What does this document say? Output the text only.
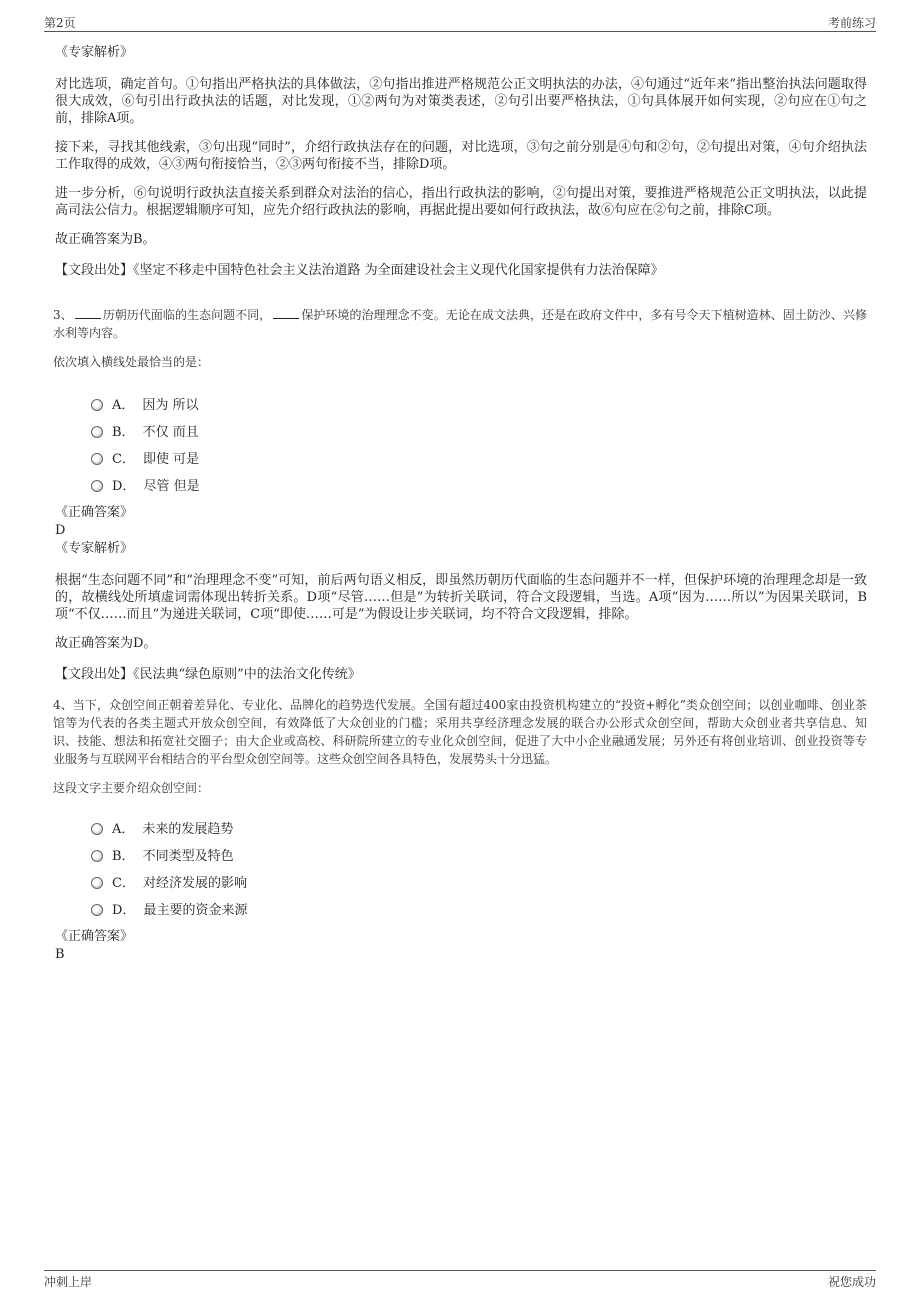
第2页	考前练习

《专家解析》

对比选项，确定首句。①句指出严格执法的具体做法，②句指出推进严格规范公正文明执法的办法，④句通过“近年来”指出整治执法问题取得很大成效，⑥句引出行政执法的话题，对比发现，①②两句为对策类表述，②句引出要严格执法，①句具体展开如何实现，②句应在①句之前，排除A项。

接下来，寻找其他线索，③句出现“同时”，介绍行政执法存在的问题，对比选项，③句之前分别是④句和②句，②句提出对策，④句介绍执法工作取得的成效，④③两句衔接恰当，②③两句衔接不当，排除D项。

进一步分析，⑥句说明行政执法直接关系到群众对法治的信心，指出行政执法的影响，②句提出对策，要推进严格规范公正文明执法，以此提高司法公信力。根据逻辑顺序可知，应先介绍行政执法的影响，再据此提出要如何行政执法，故⑥句应在②句之前，排除C项。

故正确答案为B。

【文段出处】《坚定不移走中国特色社会主义法治道路 为全面建设社会主义现代化国家提供有力法治保障》

3、	历朝历代面临的生态问题不同，	保护环境的治理理念不变。无论在成文法典，还是在政府文件中，多有号令天下植树造林、固土防沙、兴修水利等内容。

依次填入横线处最恰当的是：

A． 因为 所以
B． 不仅 而且
C． 即使 可是
D． 尽管 但是

《正确答案》

D

《专家解析》

根据“生态问题不同”和“治理理念不变”可知，前后两句语义相反，即虽然历朝历代面临的生态问题并不一样，但保护环境的治理理念却是一致的，故横线处所填虚词需体现出转折关系。D项“尽管……但是”为转折关联词，符合文段逻辑，当选。A项“因为……所以”为因果关联词，B项“不仅……而且”为递进关联词，C项“即使……可是”为假设让步关联词，均不符合文段逻辑，排除。

故正确答案为D。

【文段出处】《民法典“绿色原则”中的法治文化传统》

4、当下，众创空间正朝着差异化、专业化、品牌化的趋势迭代发展。全国有超过400家由投资机构建立的“投资+孵化”类众创空间；以创业咖啡、创业茶馆等为代表的各类主题式开放众创空间，有效降低了大众创业的门槛；采用共享经济理念发展的联合办公形式众创空间，帮助大众创业者共享信息、知识、技能、想法和拓宽社交圈子；由大企业或高校、科研院所建立的专业化众创空间，促进了大中小企业融通发展；另外还有将创业培训、创业投资等专业服务与互联网平台相结合的平台型众创空间等。这些众创空间各具特色，发展势头十分迅猛。

这段文字主要介绍众创空间：

A． 未来的发展趋势
B． 不同类型及特色
C． 对经济发展的影响
D． 最主要的资金来源

《正确答案》

B

冲刺上岸	祝您成功
